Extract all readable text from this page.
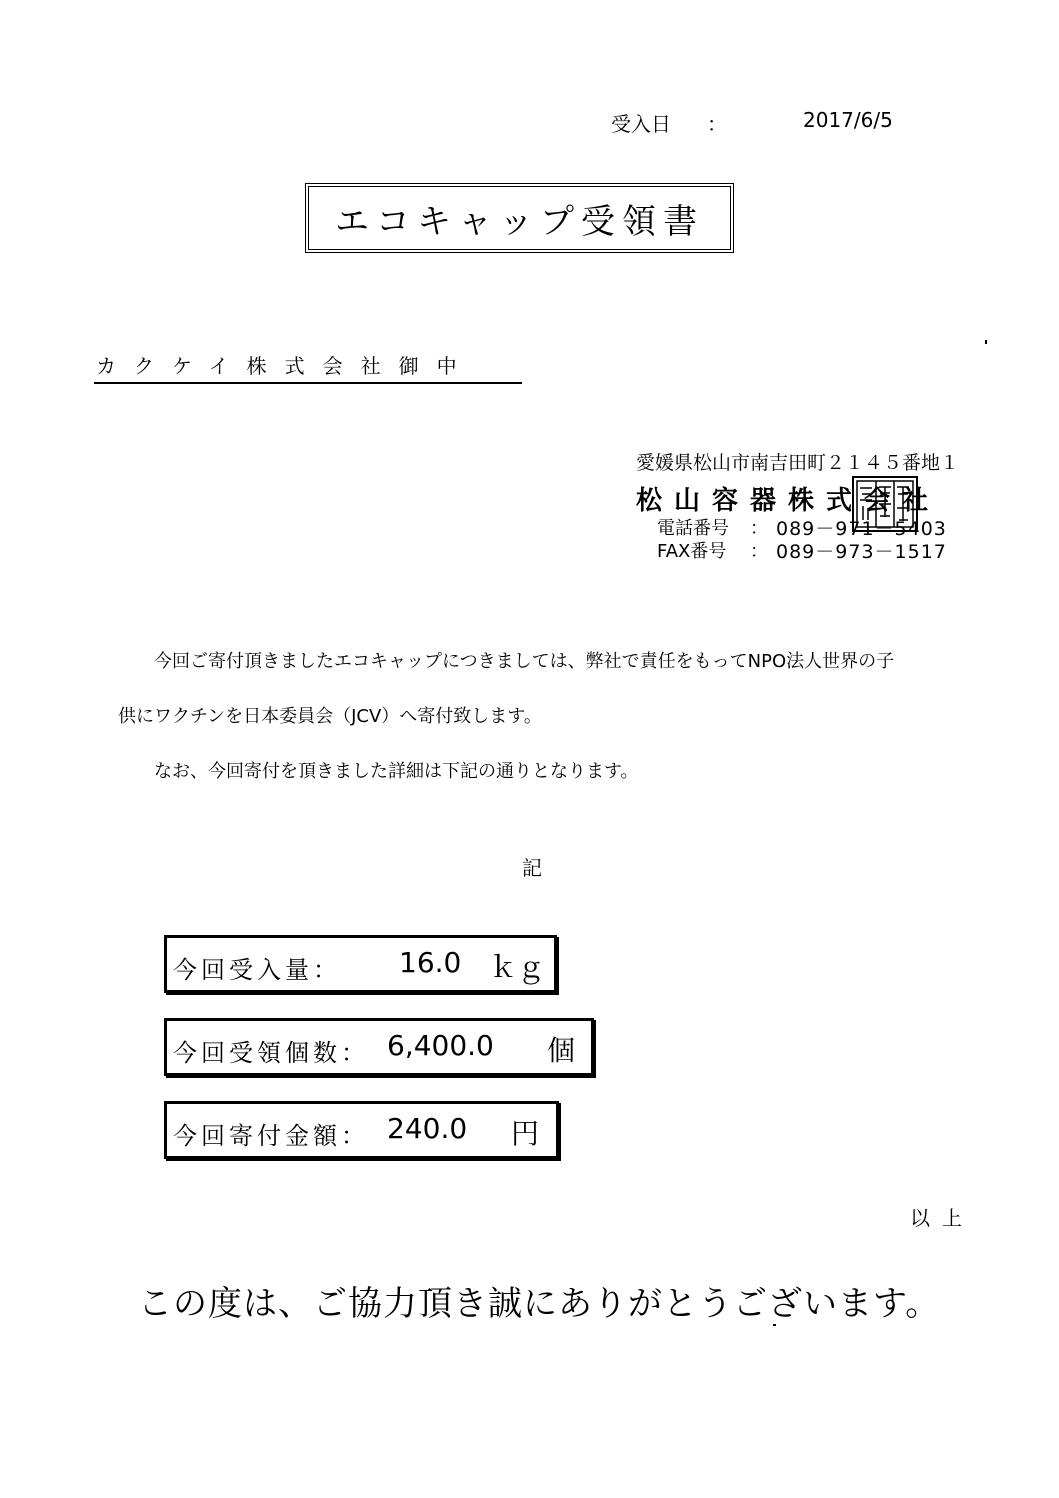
受入日 ：	2017/6/5
エコキャップ受領書
カクケイ株式会社御中
愛媛県松山市南吉田町２１４５番地１
松山容器株式会社
電話番号 ： 089－971－5403
FAX番号 ： 089－973－1517
今回ご寄付頂きましたエコキャップにつきましては、弊社で責任をもってNPO法人世界の子
供にワクチンを日本委員会（JCV）へ寄付致します。
なお、今回寄付を頂きました詳細は下記の通りとなります。
記
今回受入量： 16.0 ｋｇ
今回受領個数： 6,400.0 個
今回寄付金額： 240.0 円
以上
この度は、ご協力頂き誠にありがとうございます。
